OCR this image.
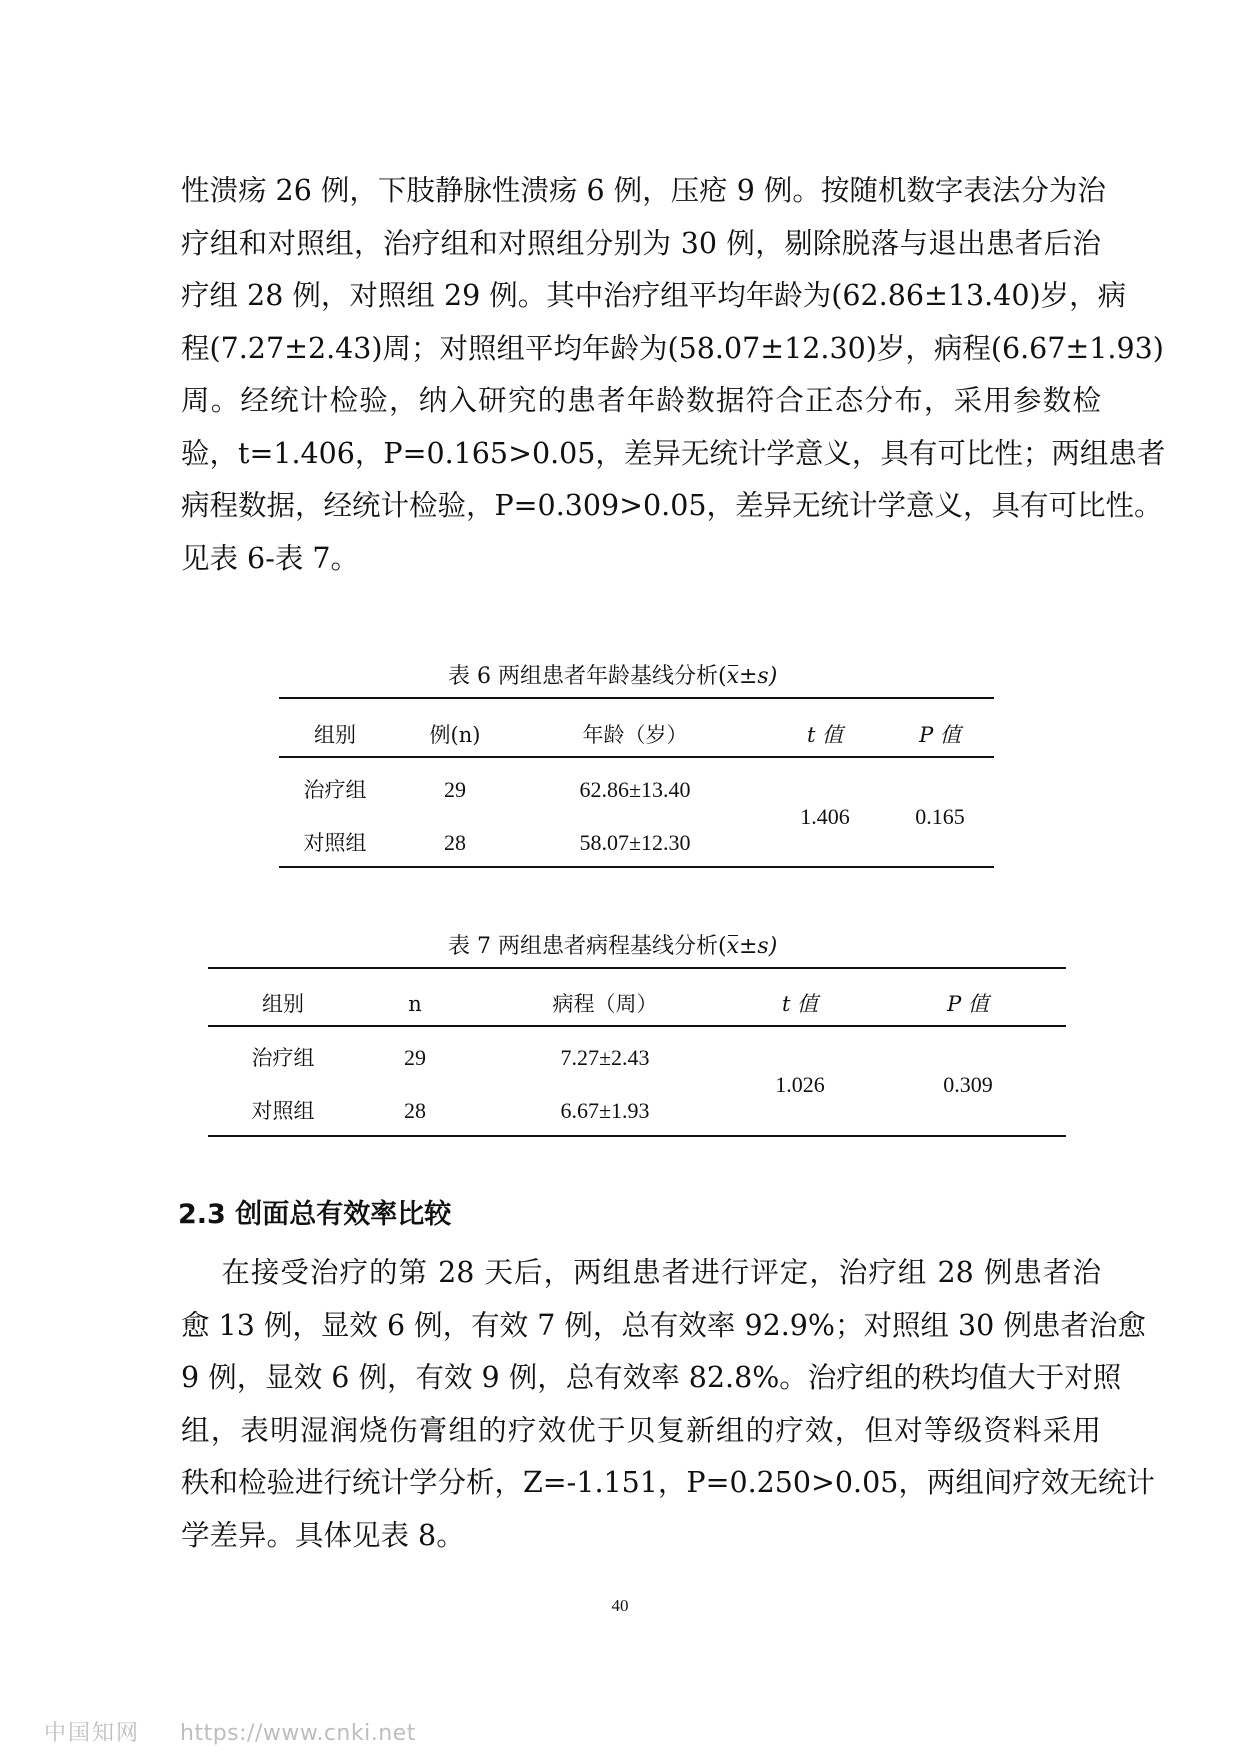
性溃疡 26 例，下肢静脉性溃疡 6 例，压疮 9 例。按随机数字表法分为治
疗组和对照组，治疗组和对照组分别为 30 例，剔除脱落与退出患者后治
疗组 28 例，对照组 29 例。其中治疗组平均年龄为(62.86±13.40)岁，病
程(7.27±2.43)周；对照组平均年龄为(58.07±12.30)岁，病程(6.67±1.93)
周。经统计检验，纳入研究的患者年龄数据符合正态分布，采用参数检
验，t=1.406，P=0.165>0.05，差异无统计学意义，具有可比性；两组患者
病程数据，经统计检验，P=0.309>0.05，差异无统计学意义，具有可比性。
见表 6-表 7。
表 6 两组患者年龄基线分析(x±s)
组别	例(n)	年龄（岁）	t 值	P 值
治疗组	29	62.86±13.40
对照组	28	58.07±12.30
1.406	0.165
表 7 两组患者病程基线分析(x±s)
组别	n	病程（周）	t 值	P 值
治疗组	29	7.27±2.43
对照组	28	6.67±1.93
1.026	0.309
2.3 创面总有效率比较
在接受治疗的第 28 天后，两组患者进行评定，治疗组 28 例患者治
愈 13 例，显效 6 例，有效 7 例，总有效率 92.9%；对照组 30 例患者治愈
9 例，显效 6 例，有效 9 例，总有效率 82.8%。治疗组的秩均值大于对照
组，表明湿润烧伤膏组的疗效优于贝复新组的疗效，但对等级资料采用
秩和检验进行统计学分析，Z=-1.151，P=0.250>0.05，两组间疗效无统计
学差异。具体见表 8。
40
中国知网 https://www.cnki.net
